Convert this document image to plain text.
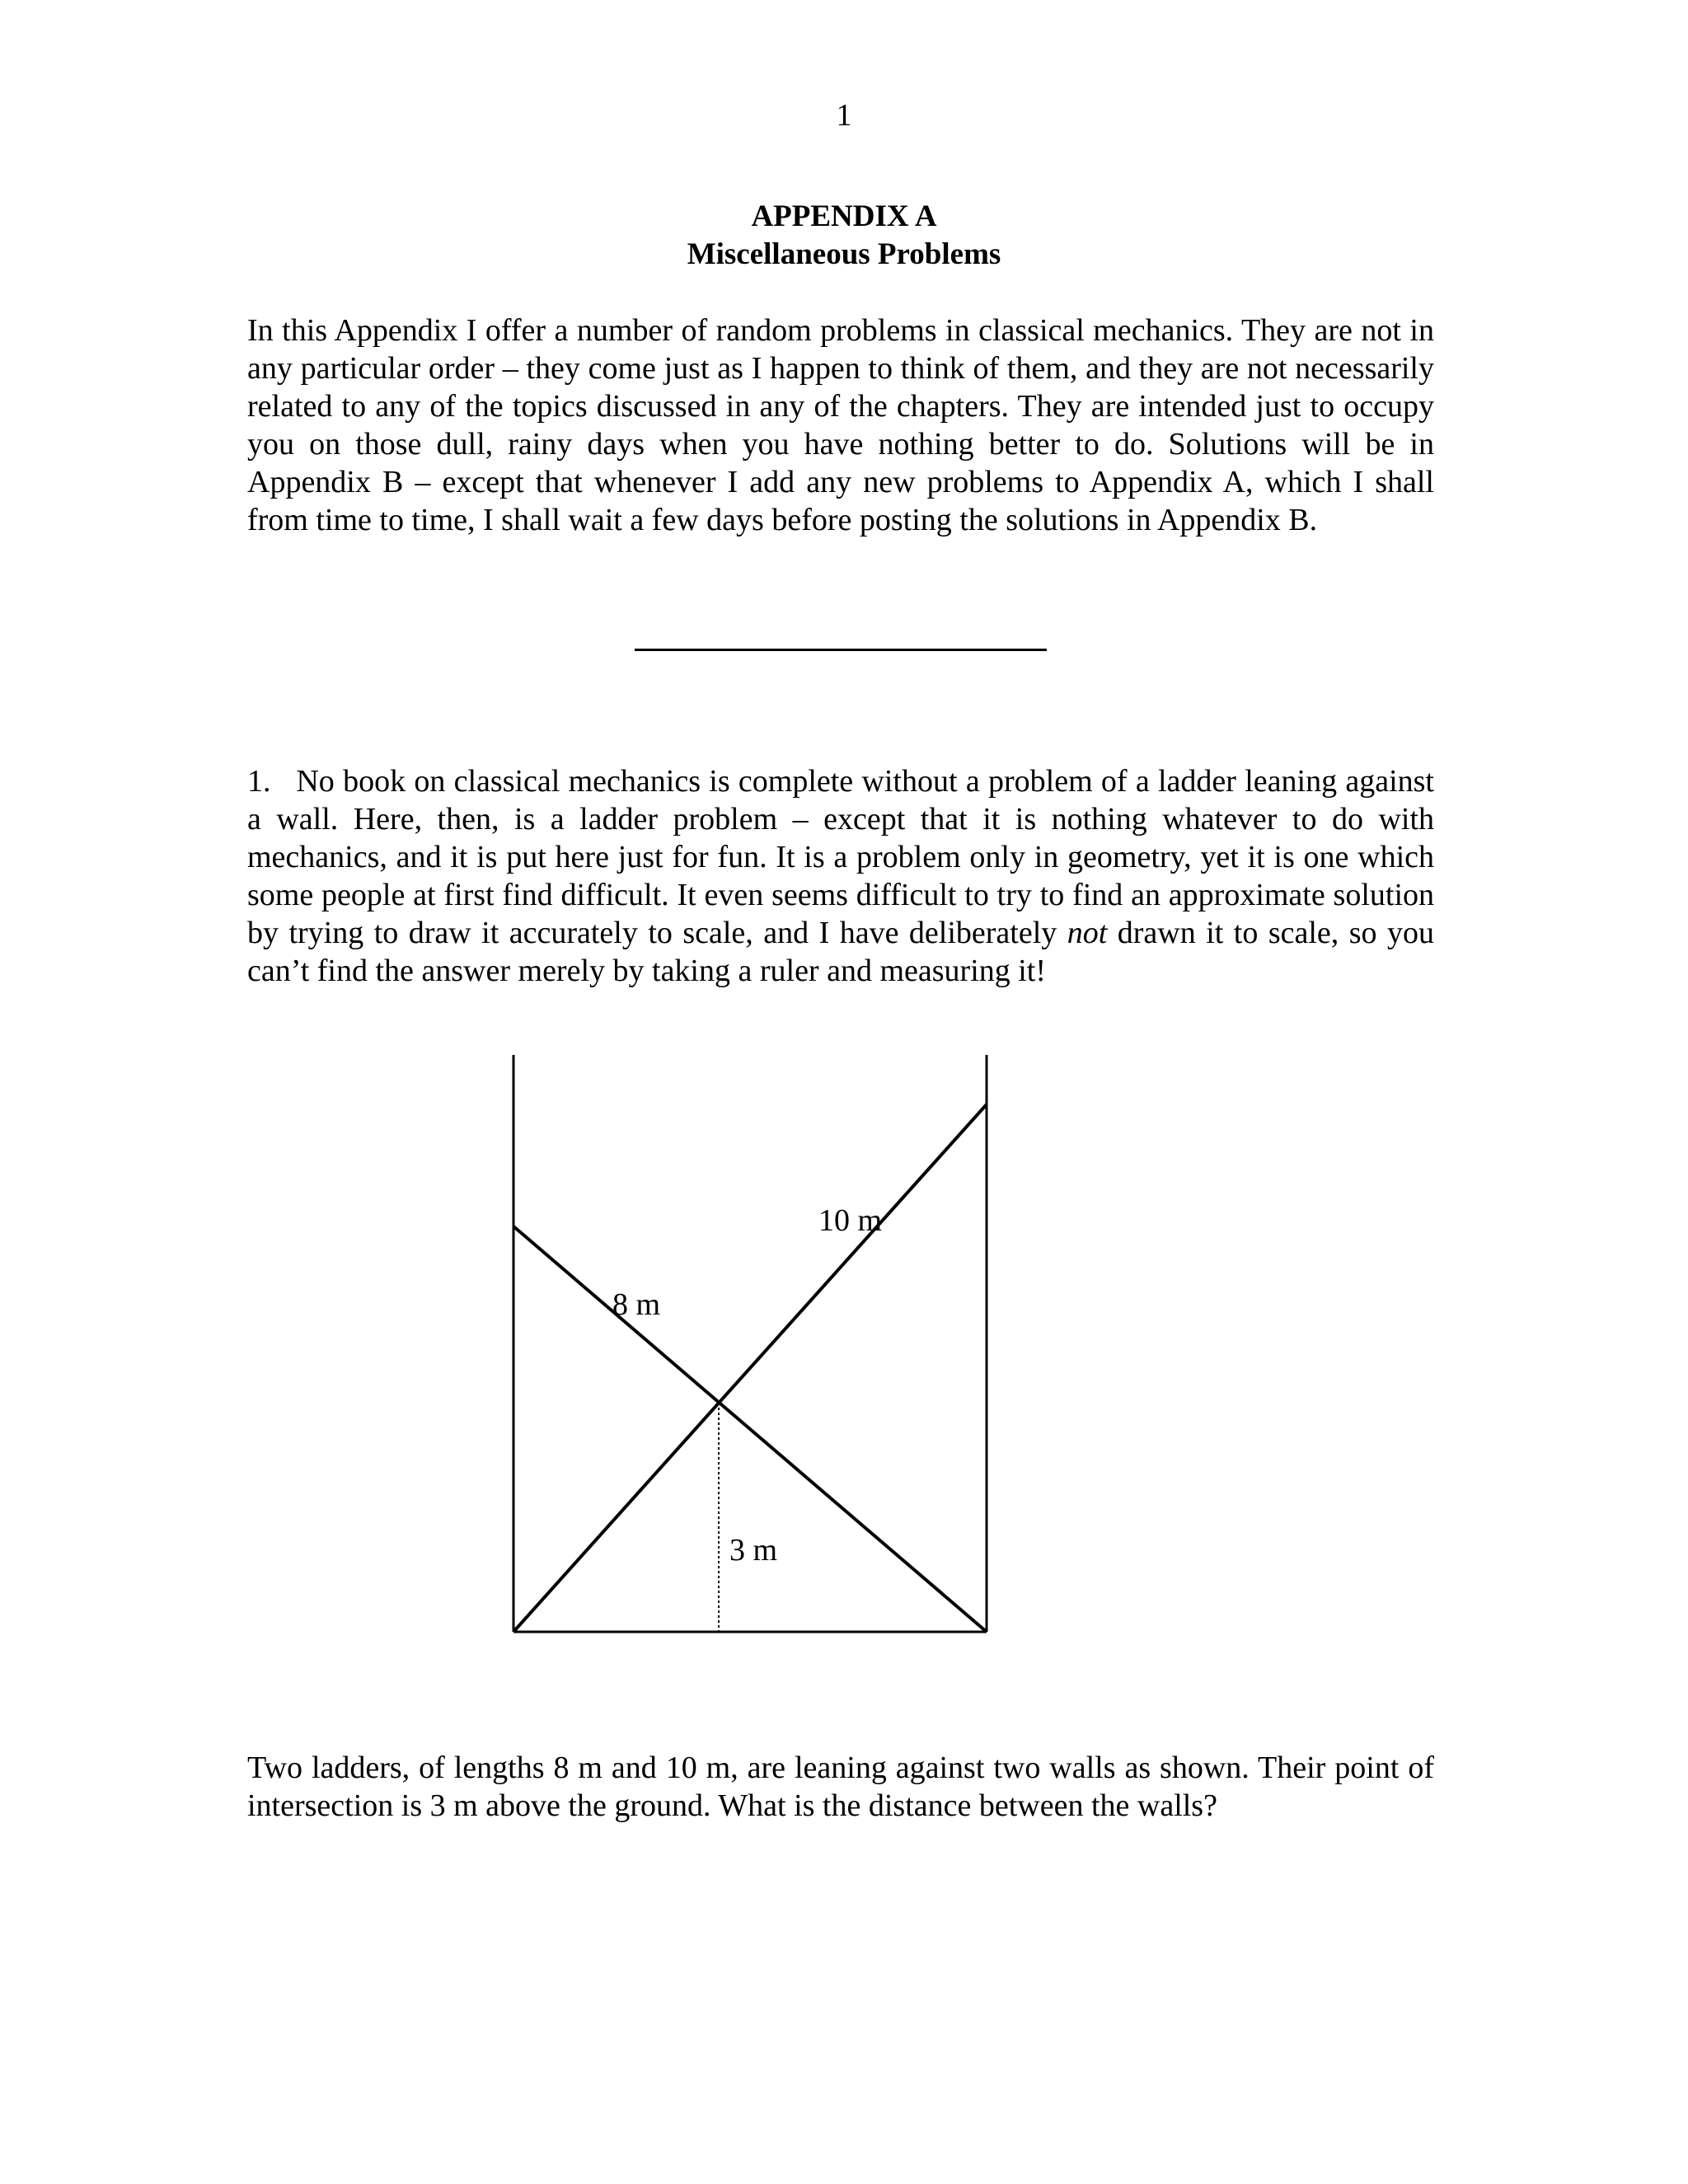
1
APPENDIX A
Miscellaneous Problems
In this Appendix I offer a number of random problems in classical mechanics. They are not in any particular order – they come just as I happen to think of them, and they are not necessarily related to any of the topics discussed in any of the chapters. They are intended just to occupy you on those dull, rainy days when you have nothing better to do. Solutions will be in Appendix B – except that whenever I add any new problems to Appendix A, which I shall from time to time, I shall wait a few days before posting the solutions in Appendix B.
1. No book on classical mechanics is complete without a problem of a ladder leaning against a wall. Here, then, is a ladder problem – except that it is nothing whatever to do with mechanics, and it is put here just for fun. It is a problem only in geometry, yet it is one which some people at first find difficult. It even seems difficult to try to find an approximate solution by trying to draw it accurately to scale, and I have deliberately not drawn it to scale, so you can’t find the answer merely by taking a ruler and measuring it!
8 m
10 m
3 m
Two ladders, of lengths 8 m and 10 m, are leaning against two walls as shown. Their point of intersection is 3 m above the ground. What is the distance between the walls?
